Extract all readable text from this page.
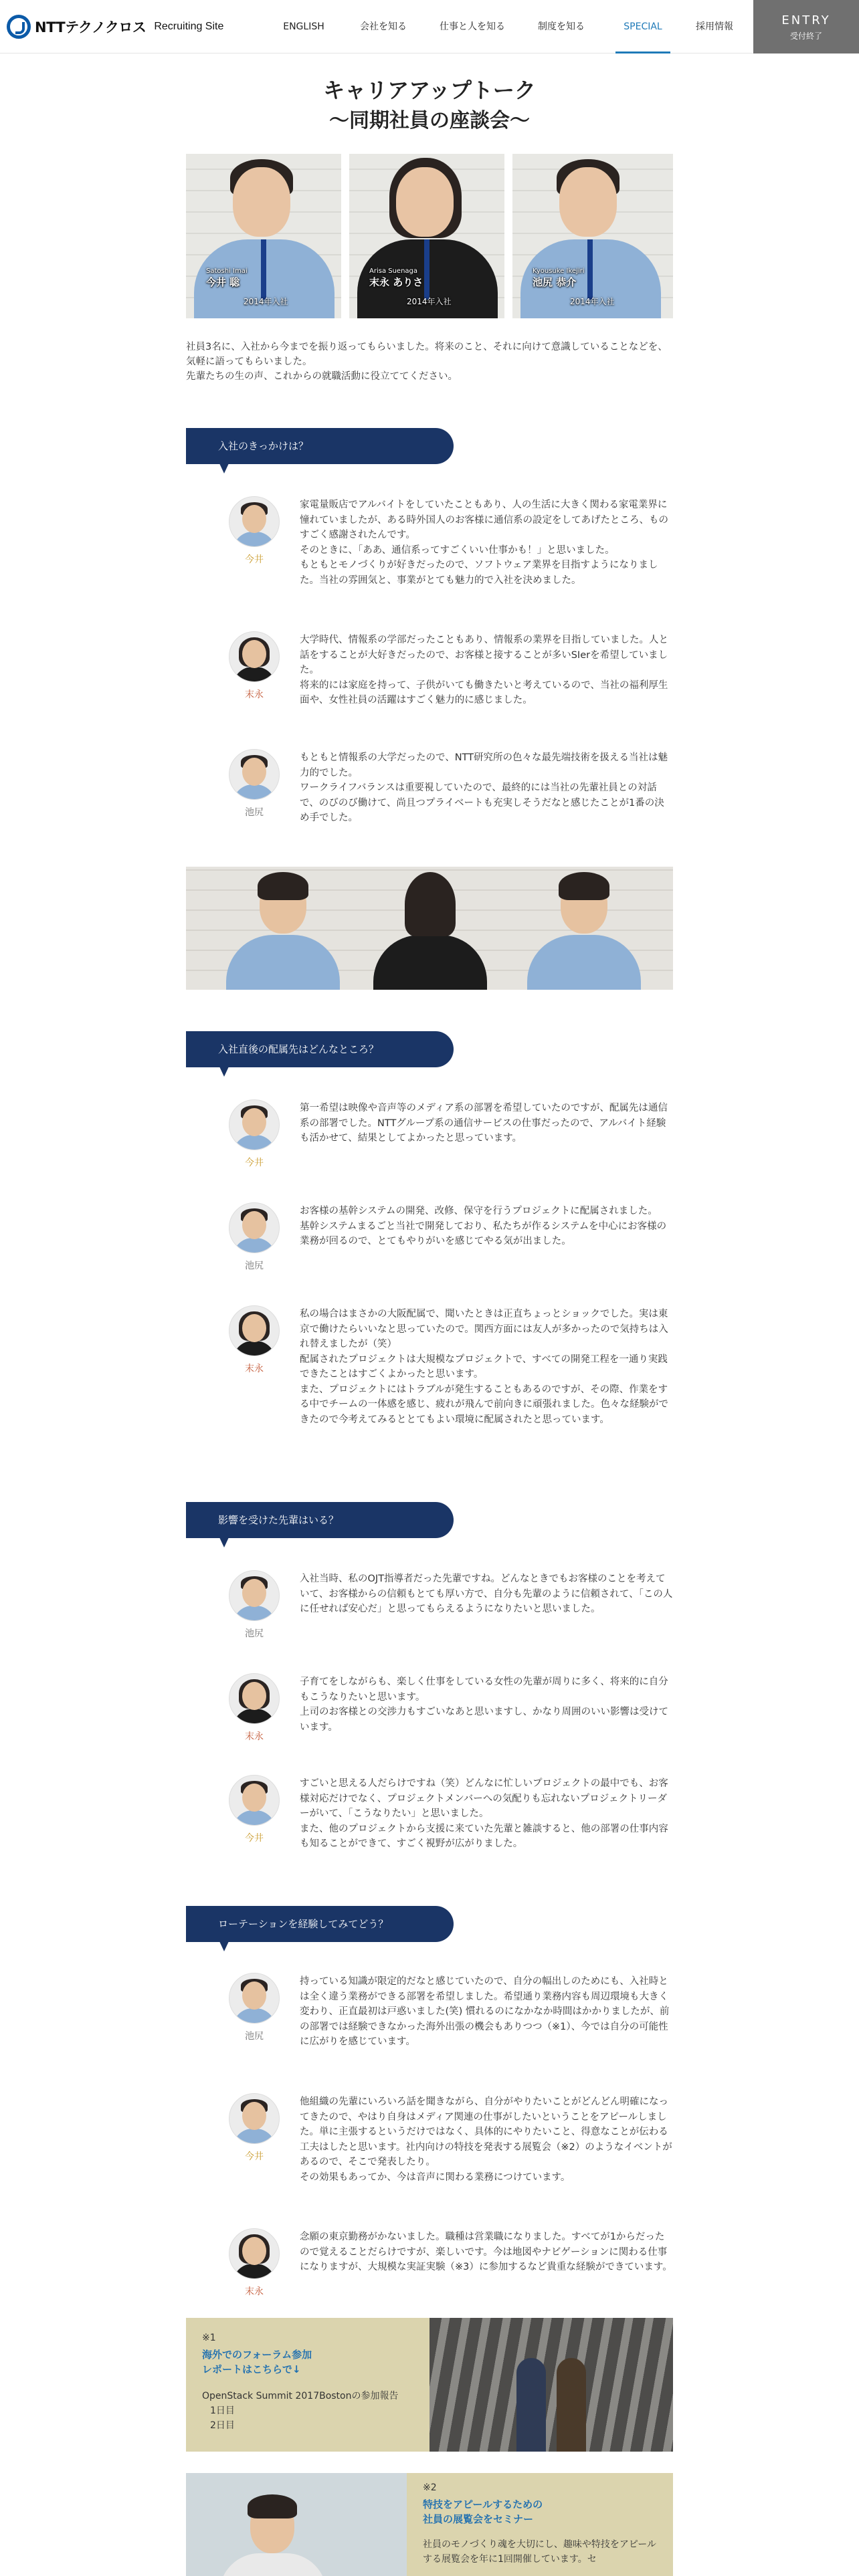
NTTテクノクロス Recruiting Site	ENGLISH	会社を知る	仕事と人を知る	制度を知る	SPECIAL	採用情報	ENTRY
受付終了
キャリアアップトーク
〜同期社員の座談会〜
Satoshi Imai
今井 聡
2014年入社
Arisa Suenaga
末永 ありさ
2014年入社
Kyousuke Ikejiri
池尻 恭介
2014年入社
社員3名に、入社から今までを振り返ってもらいました。将来のこと、それに向けて意識していることなどを、気軽に語ってもらいました。
先輩たちの生の声、これからの就職活動に役立ててください。
入社のきっかけは？
今井
家電量販店でアルバイトをしていたこともあり、人の生活に大きく関わる家電業界に憧れていましたが、ある時外国人のお客様に通信系の設定をしてあげたところ、ものすごく感謝されたんです。
そのときに、「ああ、通信系ってすごくいい仕事かも！」と思いました。
もともとモノづくりが好きだったので、ソフトウェア業界を目指すようになりました。当社の雰囲気と、事業がとても魅力的で入社を決めました。
末永
大学時代、情報系の学部だったこともあり、情報系の業界を目指していました。人と話をすることが大好きだったので、お客様と接することが多いSIerを希望していました。
将来的には家庭を持って、子供がいても働きたいと考えているので、当社の福利厚生面や、女性社員の活躍はすごく魅力的に感じました。
池尻
もともと情報系の大学だったので、NTT研究所の色々な最先端技術を扱える当社は魅力的でした。
ワークライフバランスは重要視していたので、最終的には当社の先輩社員との対話で、のびのび働けて、尚且つプライベートも充実しそうだなと感じたことが1番の決め手でした。
入社直後の配属先はどんなところ？
今井
第一希望は映像や音声等のメディア系の部署を希望していたのですが、配属先は通信系の部署でした。NTTグループ系の通信サービスの仕事だったので、アルバイト経験も活かせて、結果としてよかったと思っています。
池尻
お客様の基幹システムの開発、改修、保守を行うプロジェクトに配属されました。
基幹システムまるごと当社で開発しており、私たちが作るシステムを中心にお客様の業務が回るので、とてもやりがいを感じてやる気が出ました。
末永
私の場合はまさかの大阪配属で、聞いたときは正直ちょっとショックでした。実は東京で働けたらいいなと思っていたので。関西方面には友人が多かったので気持ちは入れ替えましたが（笑）
配属されたプロジェクトは大規模なプロジェクトで、すべての開発工程を一通り実践できたことはすごくよかったと思います。
また、プロジェクトにはトラブルが発生することもあるのですが、その際、作業をする中でチームの一体感を感じ、疲れが飛んで前向きに頑張れました。色々な経験ができたので今考えてみるととてもよい環境に配属されたと思っています。
影響を受けた先輩はいる？
池尻
入社当時、私のOJT指導者だった先輩ですね。どんなときでもお客様のことを考えていて、お客様からの信頼もとても厚い方で、自分も先輩のように信頼されて、「この人に任せれば安心だ」と思ってもらえるようになりたいと思いました。
末永
子育てをしながらも、楽しく仕事をしている女性の先輩が周りに多く、将来的に自分もこうなりたいと思います。
上司のお客様との交渉力もすごいなあと思いますし、かなり周囲のいい影響は受けています。
今井
すごいと思える人だらけですね（笑）どんなに忙しいプロジェクトの最中でも、お客様対応だけでなく、プロジェクトメンバーへの気配りも忘れないプロジェクトリーダーがいて、「こうなりたい」と思いました。
また、他のプロジェクトから支援に来ていた先輩と雑談すると、他の部署の仕事内容も知ることができて、すごく視野が広がりました。
ローテーションを経験してみてどう？
池尻
持っている知識が限定的だなと感じていたので、自分の幅出しのためにも、入社時とは全く違う業務ができる部署を希望しました。希望通り業務内容も周辺環境も大きく変わり、正直最初は戸惑いました(笑) 慣れるのになかなか時間はかかりましたが、前の部署では経験できなかった海外出張の機会もありつつ（※1）、今では自分の可能性に広がりを感じています。
今井
他組織の先輩にいろいろ話を聞きながら、自分がやりたいことがどんどん明確になってきたので、やはり自身はメディア関連の仕事がしたいということをアピールしました。単に主張するというだけではなく、具体的にやりたいこと、得意なことが伝わる工夫はしたと思います。社内向けの特技を発表する展覧会（※2）のようなイベントがあるので、そこで発表したり。
その効果もあってか、今は音声に関わる業務につけています。
末永
念願の東京勤務がかないました。職種は営業職になりました。すべてが1からだったので覚えることだらけですが、楽しいです。今は地図やナビゲーションに関わる仕事になりますが、大規模な実証実験（※3）に参加するなど貴重な経験ができています。
※1
海外でのフォーラム参加
レポートはこちらで↓
OpenStack Summit 2017Bostonの参加報告
1日目
2日目
※2
特技をアピールするための
社員の展覧会をセミナー
社員のモノづくり魂を大切にし、趣味や特技をアピールする展覧会を年に1回開催しています。セ
